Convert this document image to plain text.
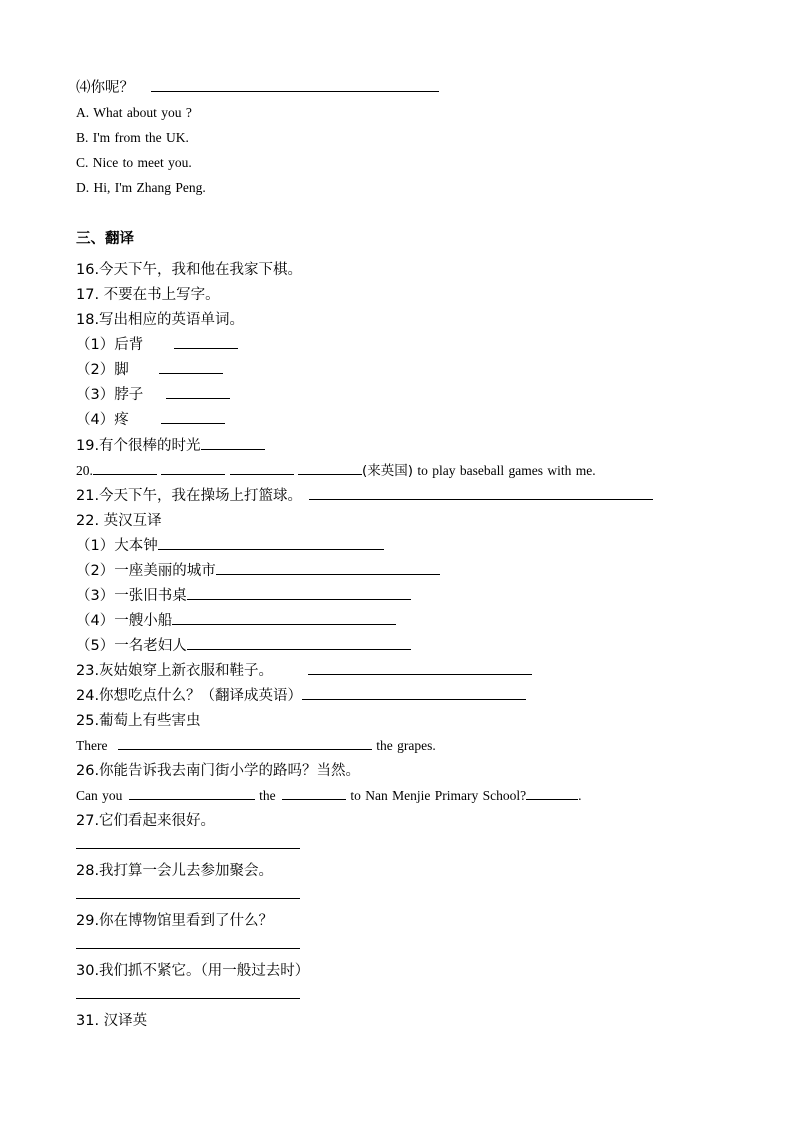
⑷你呢？
A. What about you ?
B. I'm from the UK.
C. Nice to meet you.
D. Hi, I'm Zhang Peng.
三、翻译
16.今天下午，我和他在我家下棋。
17. 不要在书上写字。
18.写出相应的英语单词。
（1）后背
（2）脚
（3）脖子
（4）疼
19.有个很棒的时光
20.	(来英国) to play baseball games with me.
21.今天下午，我在操场上打篮球。
22. 英汉互译
（1）大本钟
（2）一座美丽的城市
（3）一张旧书桌
（4）一艘小船
（5）一名老妇人
23.灰姑娘穿上新衣服和鞋子。
24.你想吃点什么？（翻译成英语）
25.葡萄上有些害虫
There	the grapes.
26.你能告诉我去南门街小学的路吗？当然。
Can you	the	to Nan Menjie Primary School?	.
27.它们看起来很好。
28.我打算一会儿去参加聚会。
29.你在博物馆里看到了什么？
30.我们抓不紧它。（用一般过去时）
31. 汉译英
